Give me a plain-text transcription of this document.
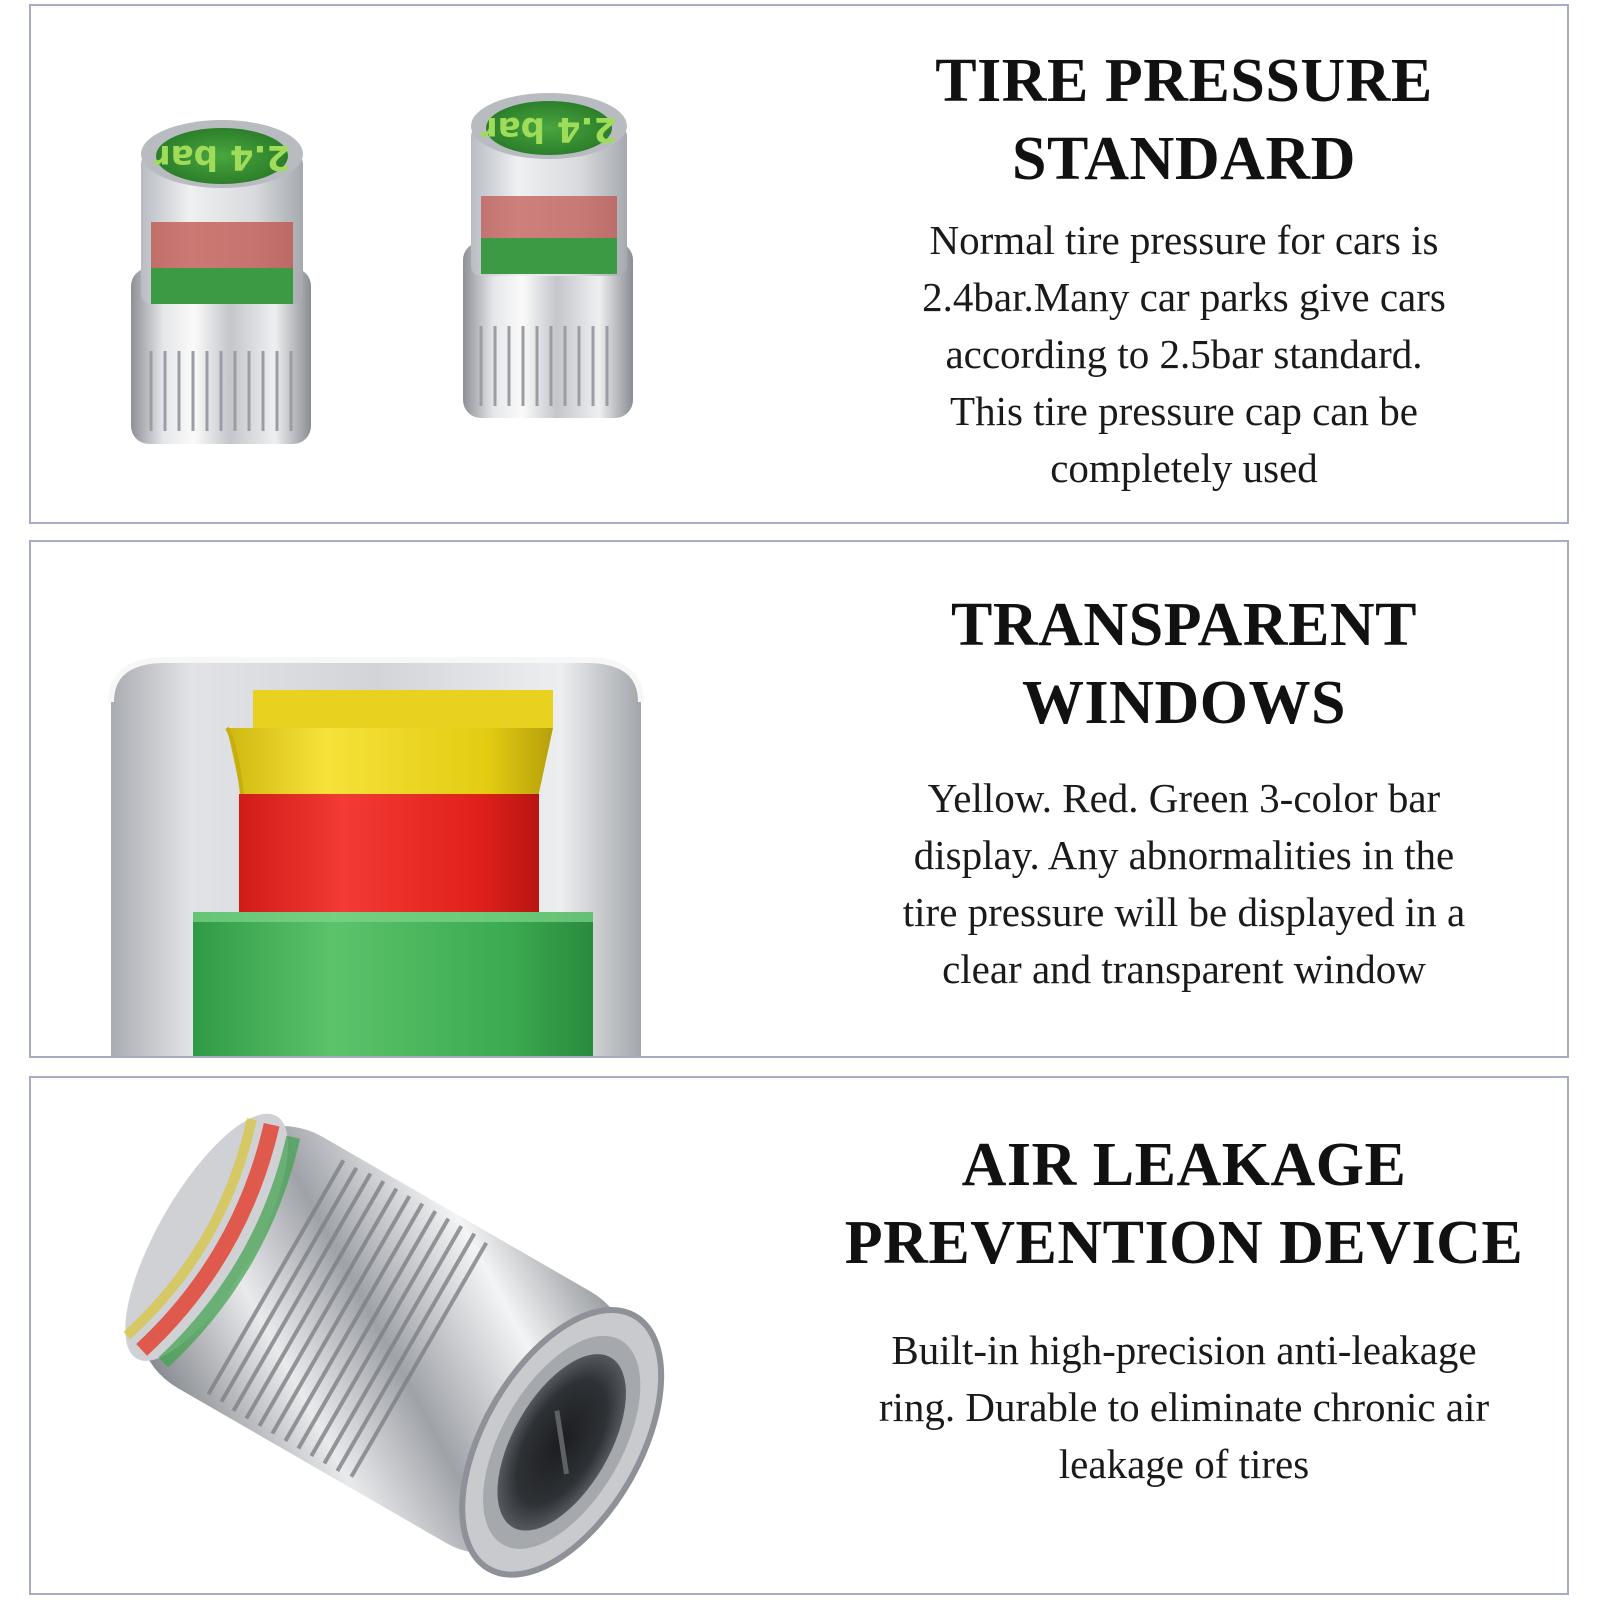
2.4 bar
2.4 bar
TIRE PRESSURE
STANDARD
Normal tire pressure for cars is
2.4bar.Many car parks give cars
according to 2.5bar standard.
This tire pressure cap can be
completely used
TRANSPARENT
WINDOWS
Yellow. Red. Green 3-color bar
display. Any abnormalities in the
tire pressure will be displayed in a
clear and transparent window
AIR LEAKAGE
PREVENTION DEVICE
Built-in high-precision anti-leakage
ring. Durable to eliminate chronic air
leakage of tires
